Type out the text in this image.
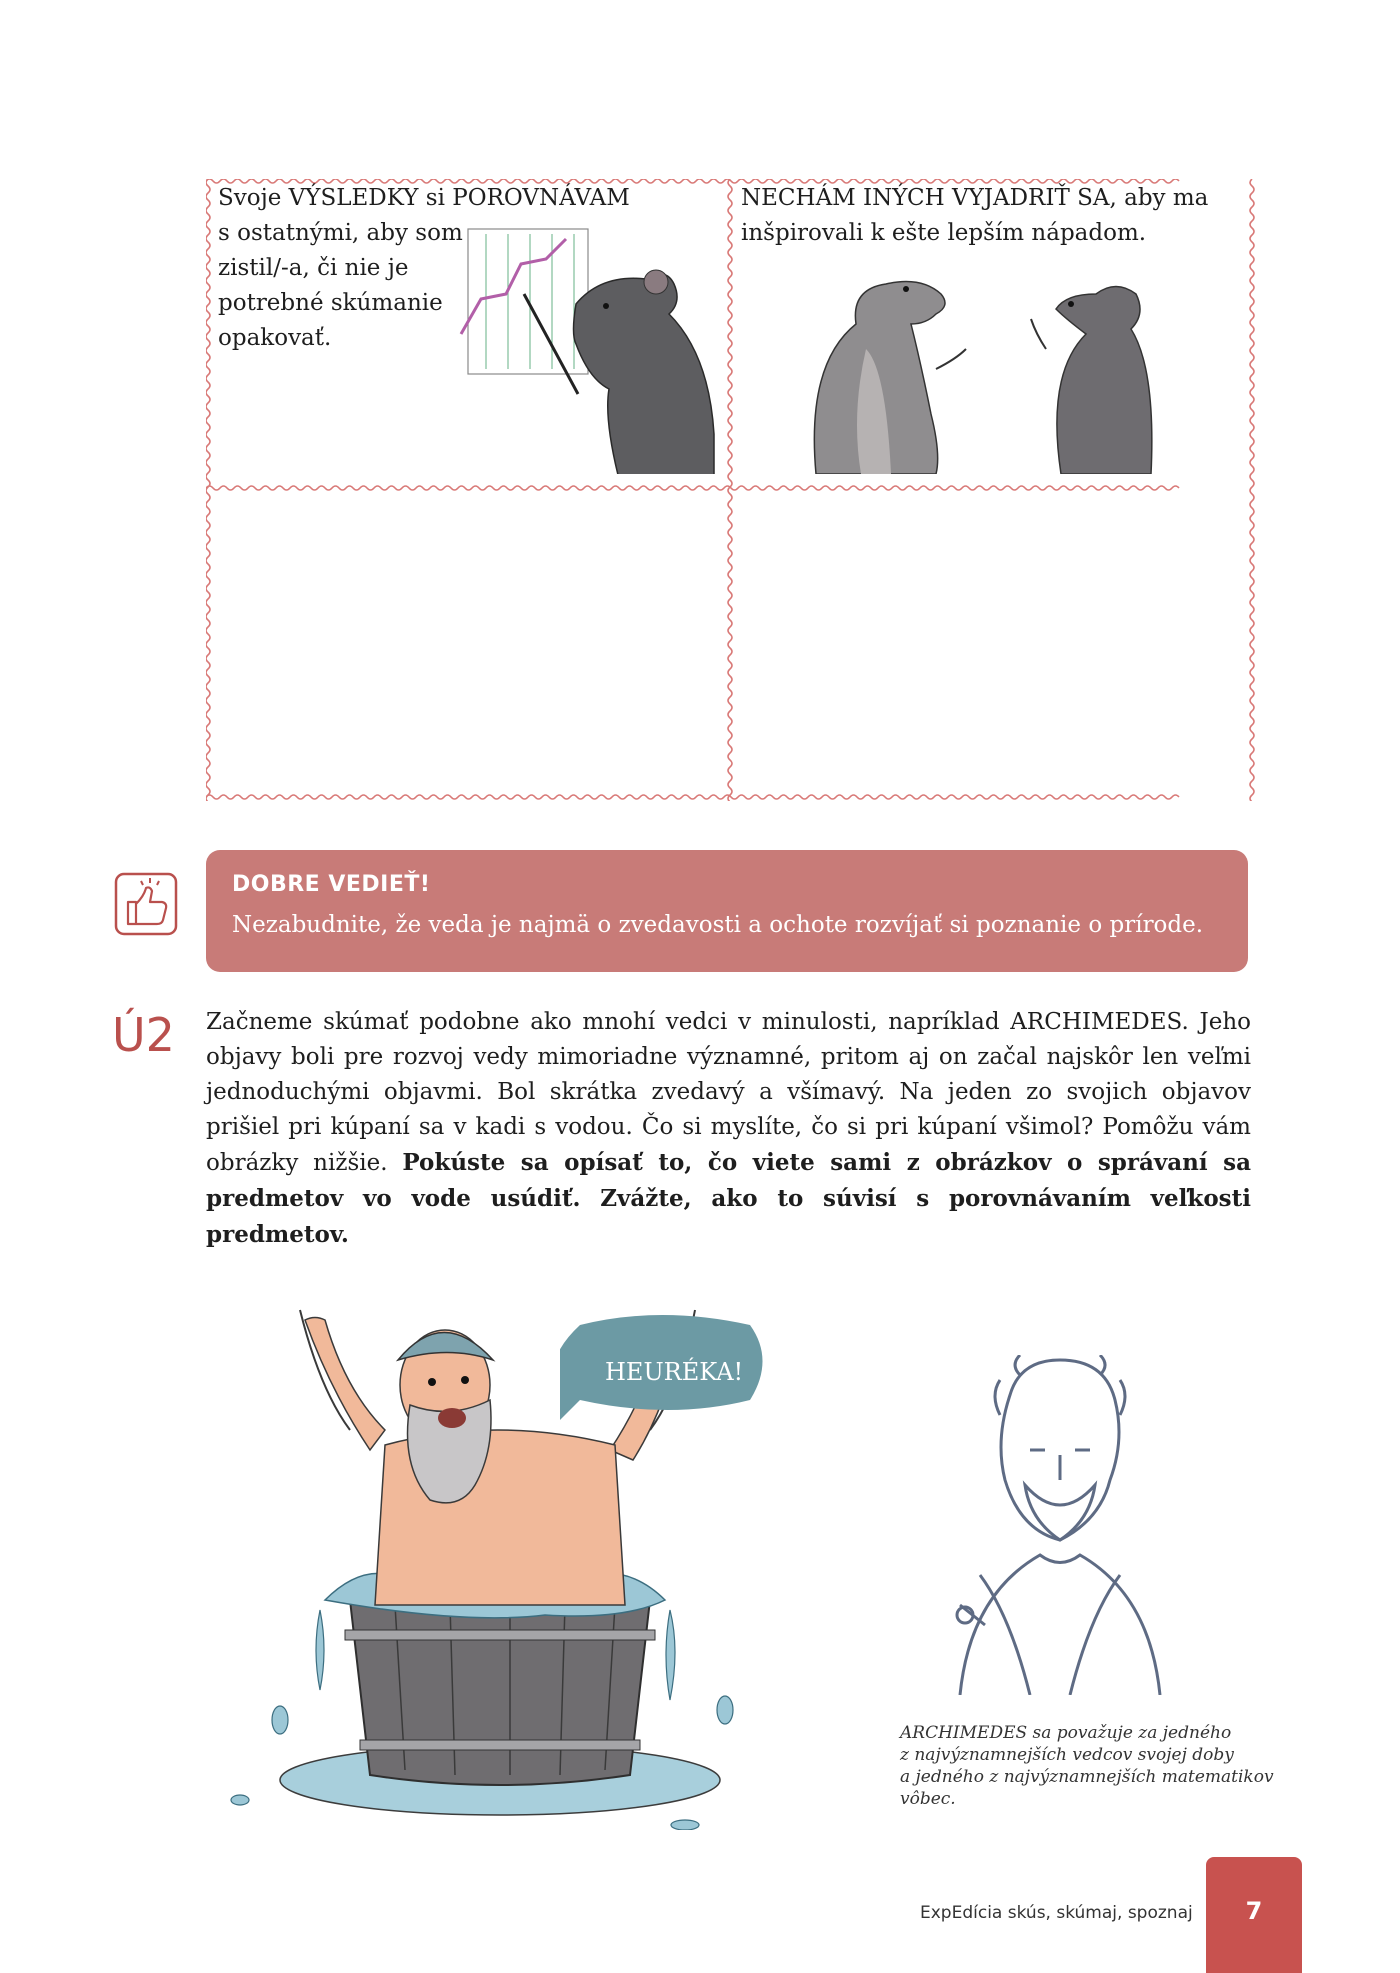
Svoje VÝSLEDKY si POROVNÁVAM
s ostatnými, aby som
zistil/-a, či nie je
potrebné skúmanie
opakovať.
NECHÁM INÝCH VYJADRIŤ SA, aby ma
inšpirovali k ešte lepším nápadom.
DOBRE VEDIEŤ!
Nezabudnite, že veda je najmä o zvedavosti a ochote rozvíjať si poznanie o prírode.
Ú2 Začneme skúmať podobne ako mnohí vedci v minulosti, napríklad ARCHIMEDES. Jeho objavy boli pre rozvoj vedy mimoriadne významné, pritom aj on začal najskôr len veľmi jednoduchými objavmi. Bol skrátka zvedavý a všímavý. Na jeden zo svojich objavov prišiel pri kúpaní sa v kadi s vodou. Čo si myslíte, čo si pri kúpaní všimol? Pomôžu vám obrázky nižšie. Pokúste sa opísať to, čo viete sami z obrázkov o správaní sa predmetov vo vode usúdiť. Zvážte, ako to súvisí s porovnávaním veľkosti predmetov.
HEURÉKA!
ARCHIMEDES sa považuje za jedného
z najvýznamnejších vedcov svojej doby
a jedného z najvýznamnejších matematikov vôbec.
ExpEdícia skús, skúmaj, spoznaj	7
